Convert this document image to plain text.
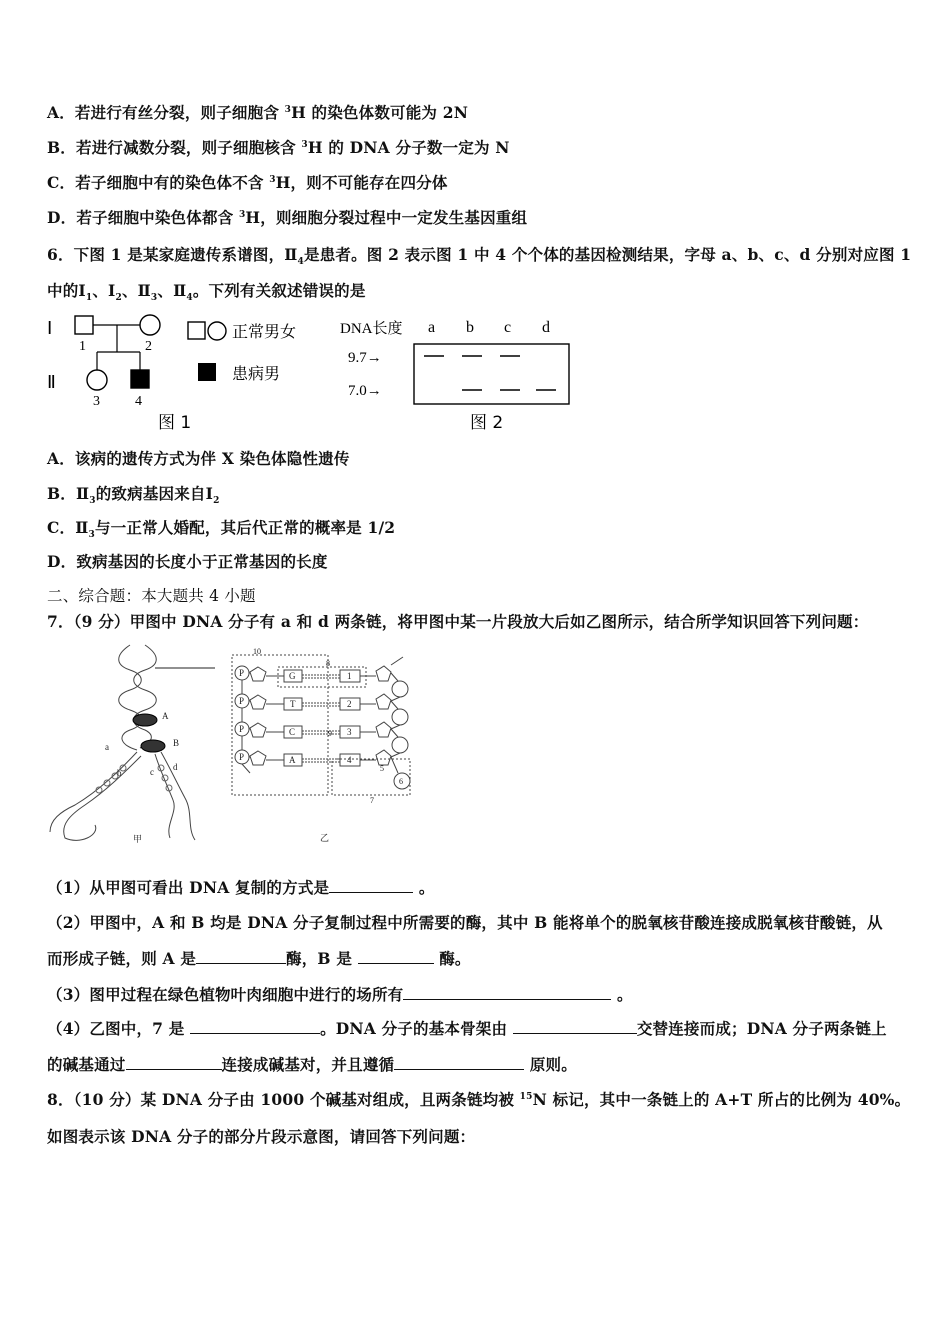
A．若进行有丝分裂，则子细胞含 $^3$H 的染色体数可能为 2N
B．若进行减数分裂，则子细胞核含 $^3$H 的 DNA 分子数一定为 N
C．若子细胞中有的染色体不含 $^3$H，则不可能存在四分体
D．若子细胞中染色体都含 $^3$H，则细胞分裂过程中一定发生基因重组
6．下图 1 是某家庭遗传系谱图，$Ⅱ_4$是患者。图 2 表示图 1 中 4 个个体的基因检测结果，字母 a、b、c、d 分别对应图 1
中的$Ⅰ_1$、$Ⅰ_2$、$Ⅱ_3$、$Ⅱ_4$。下列有关叙述错误的是
Ⅰ
Ⅱ
1	2
3	4
正常男女
患病男
图 1
DNA长度 a b c d
9.7→
7.0→
图 2
A．该病的遗传方式为伴 X 染色体隐性遗传
B．$Ⅱ_3$的致病基因来自$Ⅰ_2$
C．$Ⅱ_3$与一正常人婚配，其后代正常的概率是 1/2
D．致病基因的长度小于正常基因的长度
二、综合题：本大题共 4 小题
7．（9 分）甲图中 DNA 分子有 a 和 d 两条链，将甲图中某一片段放大后如乙图所示，结合所学知识回答下列问题：
A
B
a
b	c d
甲
P
P
P
P
G
T
C
A
1
2
3
4
10
8
9
5
6
7
乙
（1）从甲图可看出 DNA 复制的方式是	。
（2）甲图中，A 和 B 均是 DNA 分子复制过程中所需要的酶，其中 B 能将单个的脱氧核苷酸连接成脱氧核苷酸链，从
而形成子链，则 A 是	酶，B 是	酶。
（3）图甲过程在绿色植物叶肉细胞中进行的场所有	。
（4）乙图中，7 是	。DNA 分子的基本骨架由	交替连接而成；DNA 分子两条链上
的碱基通过	连接成碱基对，并且遵循	原则。
8．（10 分）某 DNA 分子由 1000 个碱基对组成，且两条链均被 $^{15}$N 标记，其中一条链上的 A+T 所占的比例为 40%。
如图表示该 DNA 分子的部分片段示意图，请回答下列问题：
